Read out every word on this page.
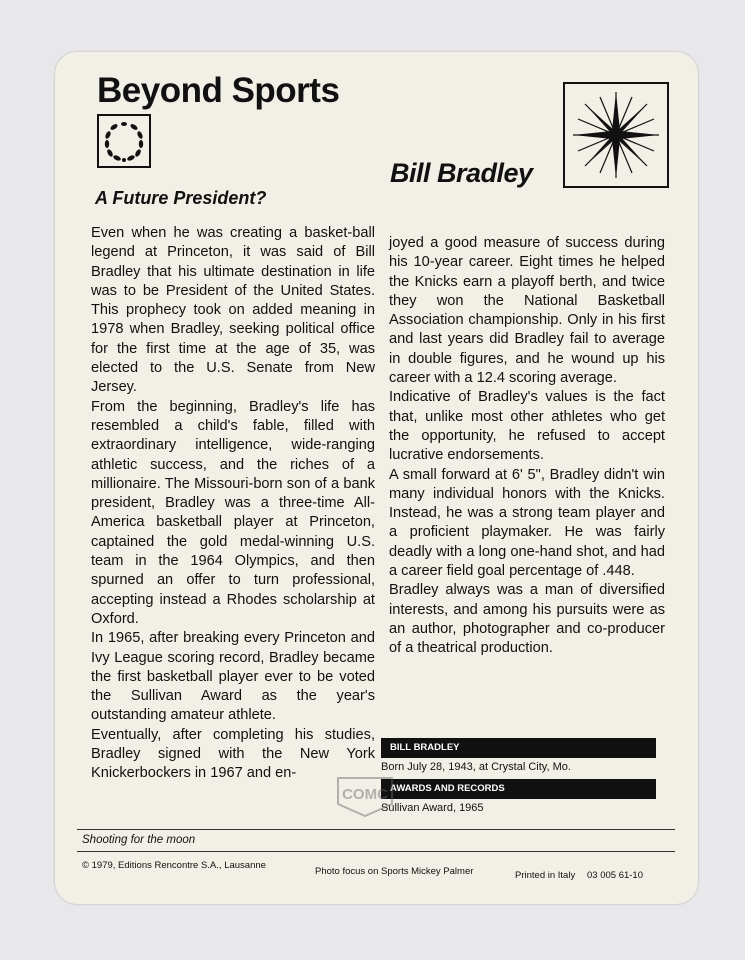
Beyond Sports
Bill Bradley
A Future President?

Even when he was creating a basket-ball legend at Princeton, it was said of Bill Bradley that his ultimate destination in life was to be President of the United States. This prophecy took on added meaning in 1978 when Bradley, seeking political office for the first time at the age of 35, was elected to the U.S. Senate from New Jersey.

From the beginning, Bradley's life has resembled a child's fable, filled with extraordinary intelligence, wide-ranging athletic success, and the riches of a millionaire. The Missouri-born son of a bank president, Bradley was a three-time All-America basketball player at Princeton, captained the gold medal-winning U.S. team in the 1964 Olympics, and then spurned an offer to turn professional, accepting instead a Rhodes scholarship at Oxford.

In 1965, after breaking every Princeton and Ivy League scoring record, Bradley became the first basketball player ever to be voted the Sullivan Award as the year's outstanding amateur athlete.

Eventually, after completing his studies, Bradley signed with the New York Knickerbockers in 1967 and en-

joyed a good measure of success during his 10-year career. Eight times he helped the Knicks earn a playoff berth, and twice they won the National Basketball Association championship. Only in his first and last years did Bradley fail to average in double figures, and he wound up his career with a 12.4 scoring average.

Indicative of Bradley's values is the fact that, unlike most other athletes who get the opportunity, he refused to accept lucrative endorsements.

A small forward at 6' 5", Bradley didn't win many individual honors with the Knicks. Instead, he was a strong team player and a proficient playmaker. He was fairly deadly with a long one-hand shot, and had a career field goal percentage of .448.

Bradley always was a man of diversified interests, and among his pursuits were as an author, photographer and co-producer of a theatrical production.

BILL BRADLEY
Born July 28, 1943, at Crystal City, Mo.
AWARDS AND RECORDS
Sullivan Award, 1965
Shooting for the moon
© 1979, Editions Rencontre S.A., Lausanne
Photo focus on Sports Mickey Palmer	Printed in Italy 03 005 61-10
COMC
